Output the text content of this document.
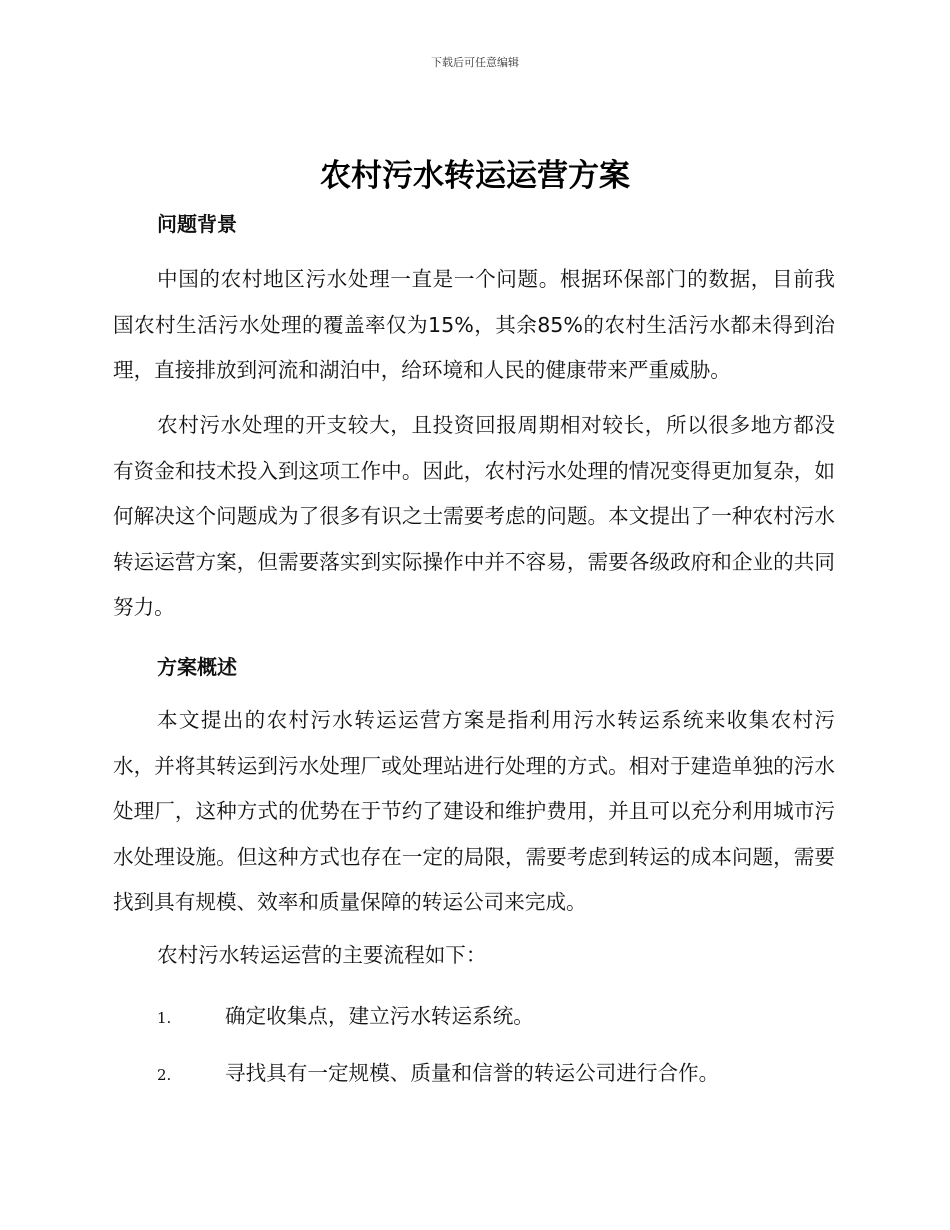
下载后可任意编辑
农村污水转运运营方案
问题背景

中国的农村地区污水处理一直是一个问题。根据环保部门的数据，目前我国农村生活污水处理的覆盖率仅为15%，其余85%的农村生活污水都未得到治理，直接排放到河流和湖泊中，给环境和人民的健康带来严重威胁。

农村污水处理的开支较大，且投资回报周期相对较长，所以很多地方都没有资金和技术投入到这项工作中。因此，农村污水处理的情况变得更加复杂，如何解决这个问题成为了很多有识之士需要考虑的问题。本文提出了一种农村污水转运运营方案，但需要落实到实际操作中并不容易，需要各级政府和企业的共同努力。

方案概述

本文提出的农村污水转运运营方案是指利用污水转运系统来收集农村污水，并将其转运到污水处理厂或处理站进行处理的方式。相对于建造单独的污水处理厂，这种方式的优势在于节约了建设和维护费用，并且可以充分利用城市污水处理设施。但这种方式也存在一定的局限，需要考虑到转运的成本问题，需要找到具有规模、效率和质量保障的转运公司来完成。

农村污水转运运营的主要流程如下：

1.	确定收集点，建立污水转运系统。
2.	寻找具有一定规模、质量和信誉的转运公司进行合作。
